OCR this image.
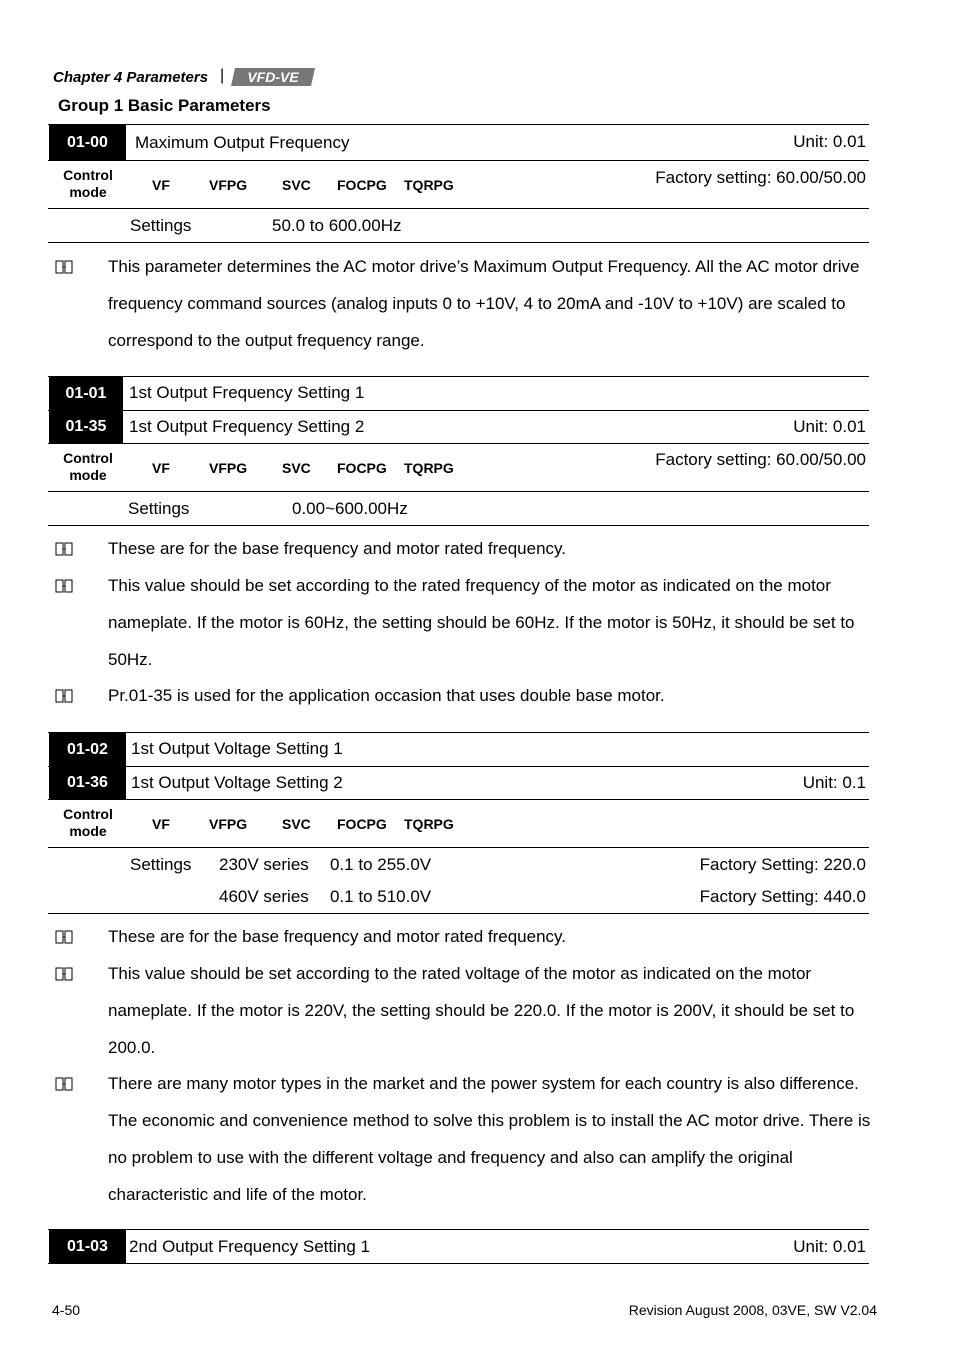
Chapter 4 Parameters | VFD-VE
Group 1 Basic Parameters
01-00	Maximum Output Frequency	Unit: 0.01
Control
mode	VF	VFPG SVC FOCPG TQRPG	Factory setting: 60.00/50.00
Settings	50.0 to 600.00Hz
This parameter determines the AC motor drive’s Maximum Output Frequency. All the AC motor drive frequency command sources (analog inputs 0 to +10V, 4 to 20mA and -10V to +10V) are scaled to correspond to the output frequency range.
01-01	1st Output Frequency Setting 1
01-35	1st Output Frequency Setting 2	Unit: 0.01
Control
mode	VF	VFPG SVC FOCPG TQRPG	Factory setting: 60.00/50.00
Settings	0.00~600.00Hz
These are for the base frequency and motor rated frequency.
This value should be set according to the rated frequency of the motor as indicated on the motor nameplate. If the motor is 60Hz, the setting should be 60Hz. If the motor is 50Hz, it should be set to 50Hz.
Pr.01-35 is used for the application occasion that uses double base motor.
01-02	1st Output Voltage Setting 1
01-36	1st Output Voltage Setting 2	Unit: 0.1
Control
mode	VF	VFPG SVC FOCPG TQRPG
Settings 230V series 0.1 to 255.0V	Factory Setting: 220.0
460V series 0.1 to 510.0V	Factory Setting: 440.0
These are for the base frequency and motor rated frequency.
This value should be set according to the rated voltage of the motor as indicated on the motor nameplate. If the motor is 220V, the setting should be 220.0. If the motor is 200V, it should be set to 200.0.
There are many motor types in the market and the power system for each country is also difference. The economic and convenience method to solve this problem is to install the AC motor drive. There is no problem to use with the different voltage and frequency and also can amplify the original characteristic and life of the motor.
01-03	2nd Output Frequency Setting 1	Unit: 0.01
4-50	Revision August 2008, 03VE, SW V2.04
